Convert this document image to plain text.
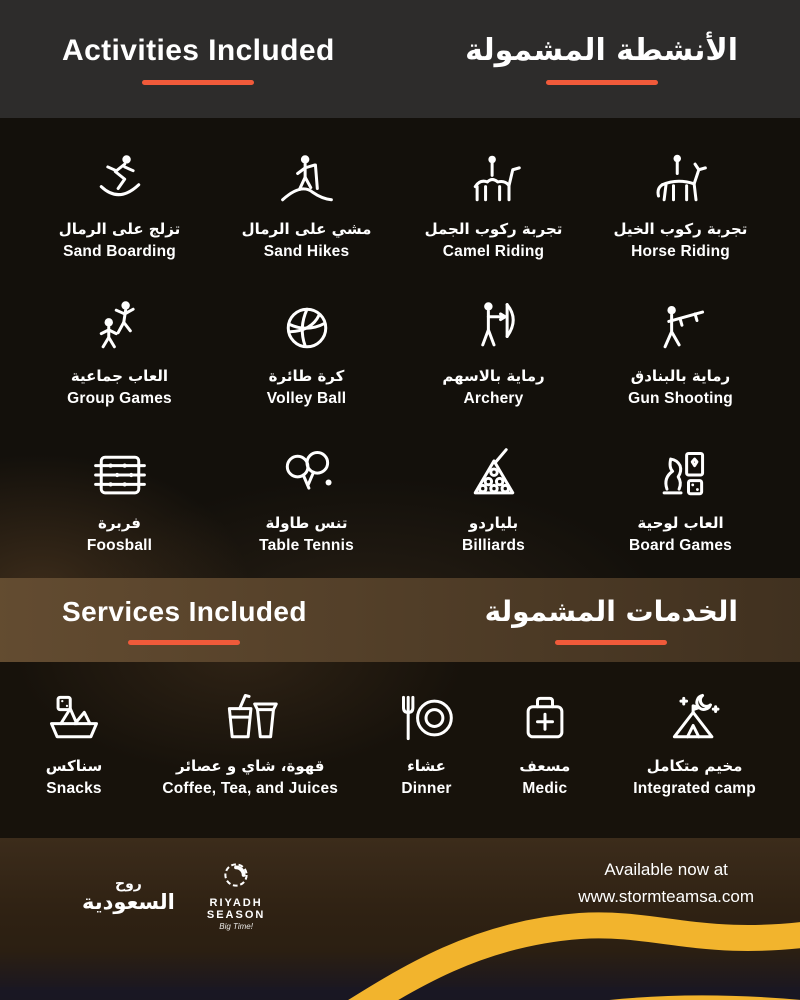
Activities Included	الأنشطة المشمولة
تزلج على الرمال
Sand Boarding
مشي على الرمال
Sand Hikes
تجربة ركوب الجمل
Camel Riding
تجربة ركوب الخيل
Horse Riding
العاب جماعية
Group Games
كرة طائرة
Volley Ball
رماية بالاسهم
Archery
رماية بالبنادق
Gun Shooting
فربرة
Foosball
تنس طاولة
Table Tennis
بلياردو
Billiards
العاب لوحية
Board Games
Services Included	الخدمات المشمولة
سناكس
Snacks
قهوة، شاي و عصائر
Coffee, Tea, and Juices
عشاء
Dinner
مسعف
Medic
مخيم متكامل
Integrated camp
روح
السعودية	RIYADH
SEASON
Big Time!
Available now at
www.stormteamsa.com
